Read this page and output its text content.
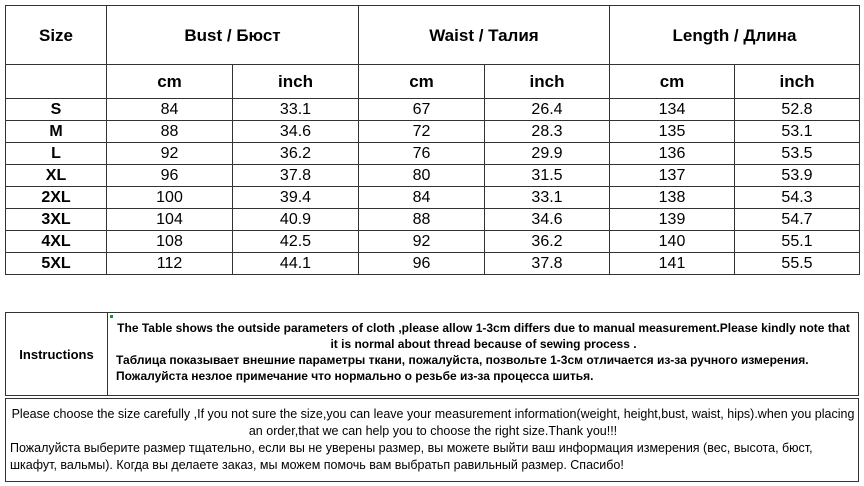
Size	Bust / Бюст		Waist / Талия		Length / Длина	
	cm	inch	cm	inch	cm	inch
S	84	33.1	67	26.4	134	52.8
M	88	34.6	72	28.3	135	53.1
L	92	36.2	76	29.9	136	53.5
XL	96	37.8	80	31.5	137	53.9
2XL	100	39.4	84	33.1	138	54.3
3XL	104	40.9	88	34.6	139	54.7
4XL	108	42.5	92	36.2	140	55.1
5XL	112	44.1	96	37.8	141	55.5
Instructions

The Table shows the outside parameters of cloth ,please allow 1-3cm differs due to manual measurement.Please kindly note that it is normal about thread because of sewing process .

Таблица показывает внешние параметры ткани, пожалуйста, позвольте 1-3см отличается из-за ручного измерения. Пожалуйста незлое примечание что нормально о резьбе из-за процесса шитья.

Please choose the size carefully ,If you not sure the size,you can leave your measurement information(weight, height,bust, waist, hips).when you placing an order,that we can help you to choose the right size.Thank you!!!

Пожалуйста выберите размер тщательно, если вы не уверены размер, вы можете выйти ваш информация измерения (вес, высота, бюст, шкафут, вальмы). Когда вы делаете заказ, мы можем помочь вам выбратьп равильный размер. Спасибо!
